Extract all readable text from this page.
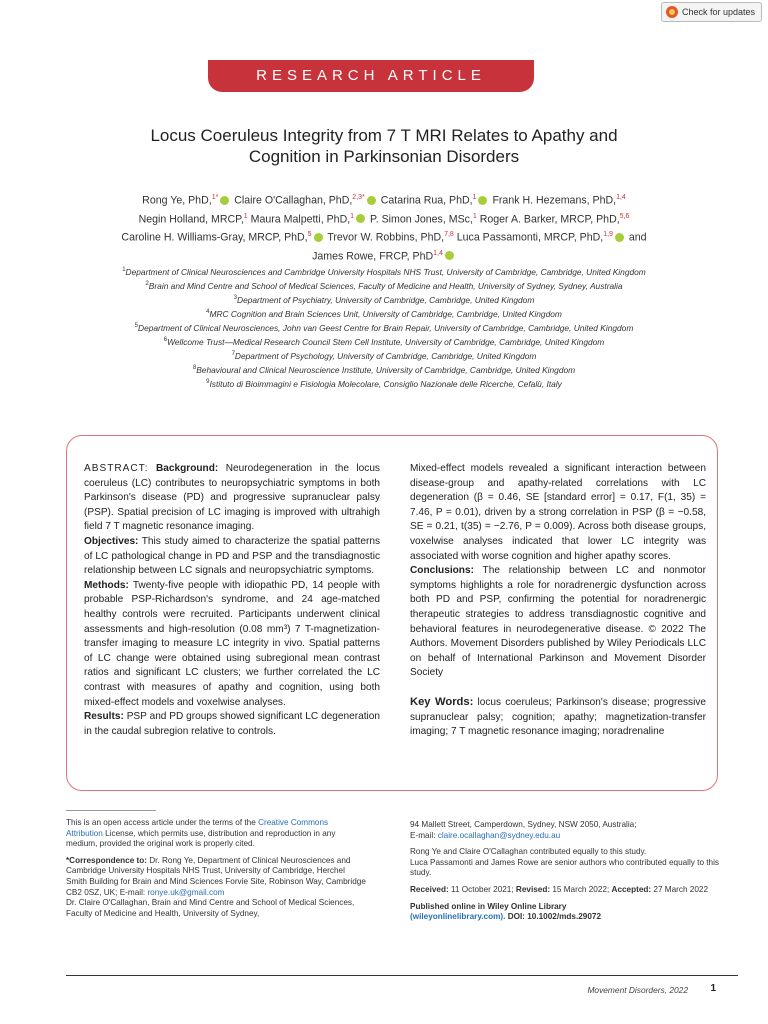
Check for updates
RESEARCH ARTICLE
Locus Coeruleus Integrity from 7 T MRI Relates to Apathy and
Cognition in Parkinsonian Disorders
Rong Ye, PhD,$^{1*}$ Claire O'Callaghan, PhD,$^{2,3*}$ Catarina Rua, PhD,$^1$ Frank H. Hezemans, PhD,$^{1,4}$
Negin Holland, MRCP,$^1$ Maura Malpetti, PhD,$^1$ P. Simon Jones, MSc,$^1$ Roger A. Barker, MRCP, PhD,$^{5,6}$
Caroline H. Williams-Gray, MRCP, PhD,$^5$ Trevor W. Robbins, PhD,$^{7,8}$ Luca Passamonti, MRCP, PhD,$^{1,9}$ and
James Rowe, FRCP, PhD$^{1,4}$
$^1$Department of Clinical Neurosciences and Cambridge University Hospitals NHS Trust, University of Cambridge, Cambridge, United Kingdom
$^2$Brain and Mind Centre and School of Medical Sciences, Faculty of Medicine and Health, University of Sydney, Sydney, Australia
$^3$Department of Psychiatry, University of Cambridge, Cambridge, United Kingdom
$^4$MRC Cognition and Brain Sciences Unit, University of Cambridge, Cambridge, United Kingdom
$^5$Department of Clinical Neurosciences, John van Geest Centre for Brain Repair, University of Cambridge, Cambridge, United Kingdom
$^6$Wellcome Trust—Medical Research Council Stem Cell Institute, University of Cambridge, Cambridge, United Kingdom
$^7$Department of Psychology, University of Cambridge, Cambridge, United Kingdom
$^8$Behavioural and Clinical Neuroscience Institute, University of Cambridge, Cambridge, United Kingdom
$^9$Istituto di Bioimmagini e Fisiologia Molecolare, Consiglio Nazionale delle Ricerche, Cefalù, Italy

ABSTRACT: Background: Neurodegeneration in the locus coeruleus (LC) contributes to neuropsychiatric symptoms in both Parkinson's disease (PD) and progressive supranuclear palsy (PSP). Spatial precision of LC imaging is improved with ultrahigh field 7 T magnetic resonance imaging.

Objectives: This study aimed to characterize the spatial patterns of LC pathological change in PD and PSP and the transdiagnostic relationship between LC signals and neuropsychiatric symptoms.

Methods: Twenty-five people with idiopathic PD, 14 people with probable PSP-Richardson's syndrome, and 24 age-matched healthy controls were recruited. Participants underwent clinical assessments and high-resolution (0.08 mm³) 7 T-magnetization-transfer imaging to measure LC integrity in vivo. Spatial patterns of LC change were obtained using subregional mean contrast ratios and significant LC clusters; we further correlated the LC contrast with measures of apathy and cognition, using both mixed-effect models and voxelwise analyses.

Results: PSP and PD groups showed significant LC degeneration in the caudal subregion relative to controls.

Mixed-effect models revealed a significant interaction between disease-group and apathy-related correlations with LC degeneration (β = 0.46, SE [standard error] = 0.17, F(1, 35) = 7.46, P = 0.01), driven by a strong correlation in PSP (β = −0.58, SE = 0.21, t(35) = −2.76, P = 0.009). Across both disease groups, voxelwise analyses indicated that lower LC integrity was associated with worse cognition and higher apathy scores.

Conclusions: The relationship between LC and nonmotor symptoms highlights a role for noradrenergic dysfunction across both PD and PSP, confirming the potential for noradrenergic therapeutic strategies to address transdiagnostic cognitive and behavioral features in neurodegenerative disease. © 2022 The Authors. Movement Disorders published by Wiley Periodicals LLC on behalf of International Parkinson and Movement Disorder Society

Key Words: locus coeruleus; Parkinson's disease; progressive supranuclear palsy; cognition; apathy; magnetization-transfer imaging; 7 T magnetic resonance imaging; noradrenaline

This is an open access article under the terms of the Creative Commons Attribution License, which permits use, distribution and reproduction in any medium, provided the original work is properly cited.

*Correspondence to: Dr. Rong Ye, Department of Clinical Neurosciences and Cambridge University Hospitals NHS Trust, University of Cambridge, Herchel Smith Building for Brain and Mind Sciences Forvie Site, Robinson Way, Cambridge CB2 0SZ, UK; E-mail: ronye.uk@gmail.com

Dr. Claire O'Callaghan, Brain and Mind Centre and School of Medical Sciences, Faculty of Medicine and Health, University of Sydney,

94 Mallett Street, Camperdown, Sydney, NSW 2050, Australia;
E-mail: claire.ocallaghan@sydney.edu.au

Rong Ye and Claire O'Callaghan contributed equally to this study.
Luca Passamonti and James Rowe are senior authors who contributed equally to this study.

Received: 11 October 2021; Revised: 15 March 2022; Accepted: 27 March 2022

Published online in Wiley Online Library
(wileyonlinelibrary.com). DOI: 10.1002/mds.29072

Movement Disorders, 2022 1
